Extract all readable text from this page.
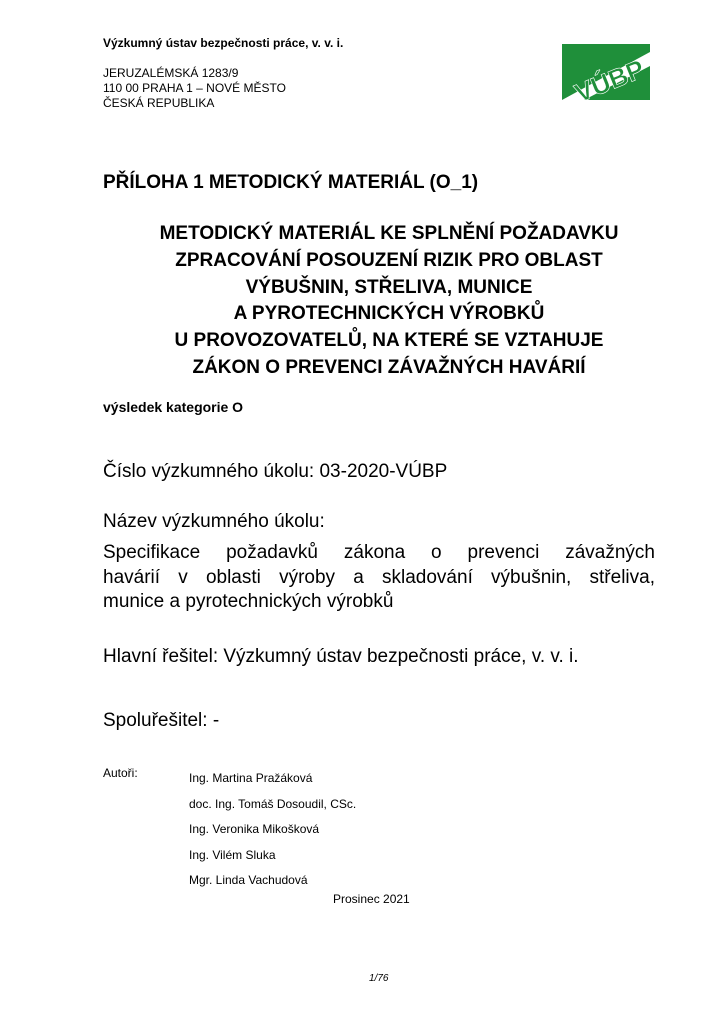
Výzkumný ústav bezpečnosti práce, v. v. i.
JERUZALÉMSKÁ 1283/9
110 00 PRAHA 1 – NOVÉ MĚSTO
ČESKÁ REPUBLIKA	VÚBP
PŘÍLOHA 1 METODICKÝ MATERIÁL (O_1)
METODICKÝ MATERIÁL KE SPLNĚNÍ POŽADAVKU
ZPRACOVÁNÍ POSOUZENÍ RIZIK PRO OBLAST
VÝBUŠNIN, STŘELIVA, MUNICE
A PYROTECHNICKÝCH VÝROBKŮ
U PROVOZOVATELŮ, NA KTERÉ SE VZTAHUJE
ZÁKON O PREVENCI ZÁVAŽNÝCH HAVÁRIÍ
výsledek kategorie O
Číslo výzkumného úkolu: 03-2020-VÚBP
Název výzkumného úkolu:
Specifikace požadavků zákona o prevenci závažných
havárií v oblasti výroby a skladování výbušnin, střeliva,
munice a pyrotechnických výrobků
Hlavní řešitel: Výzkumný ústav bezpečnosti práce, v. v. i.
Spoluřešitel: -
Autoři:	Ing. Martina Pražáková
doc. Ing. Tomáš Dosoudil, CSc.
Ing. Veronika Mikošková
Ing. Vilém Sluka
Mgr. Linda Vachudová
Prosinec 2021
1/76
